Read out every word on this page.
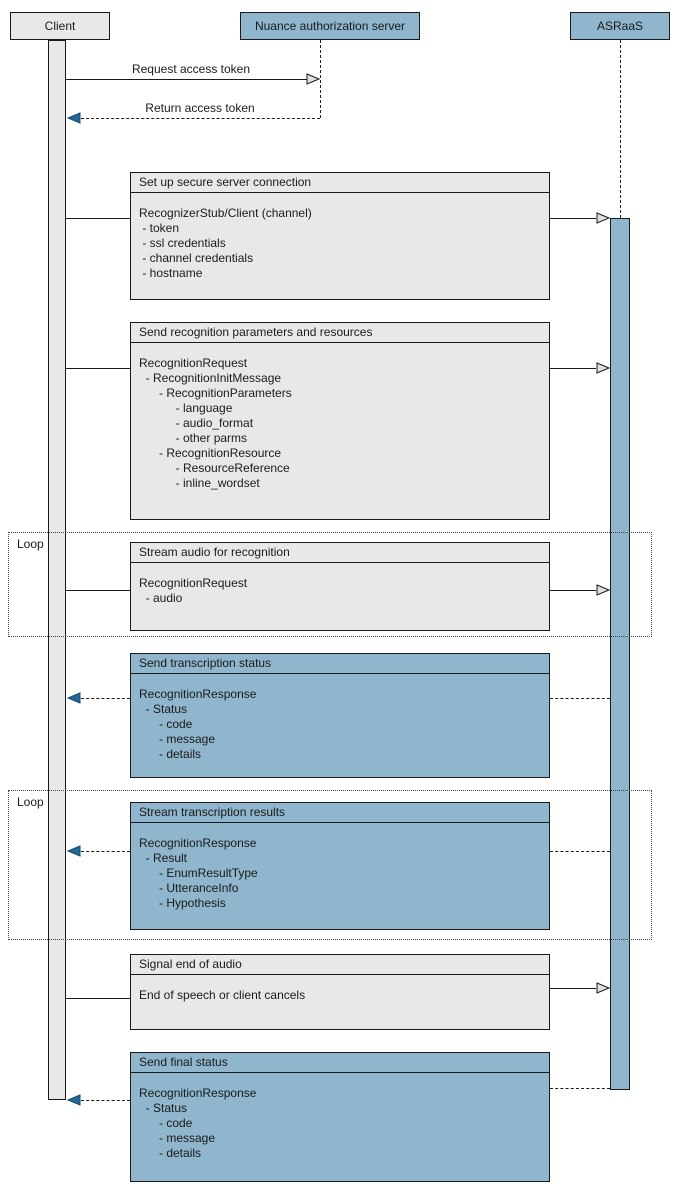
Client	Nuance authorization server	ASRaaS
Request access token
Return access token
Loop
Loop
Set up secure server connection
RecognizerStub/Client (channel)
- token
- ssl credentials
- channel credentials
- hostname
Send recognition parameters and resources
RecognitionRequest
- RecognitionInitMessage
- RecognitionParameters
- language
- audio_format
- other parms
- RecognitionResource
- ResourceReference
- inline_wordset
Stream audio for recognition
RecognitionRequest
- audio
Send transcription status
RecognitionResponse
- Status
- code
- message
- details
Stream transcription results
RecognitionResponse
- Result
- EnumResultType
- UtteranceInfo
- Hypothesis
Signal end of audio
End of speech or client cancels
Send final status
RecognitionResponse
- Status
- code
- message
- details
